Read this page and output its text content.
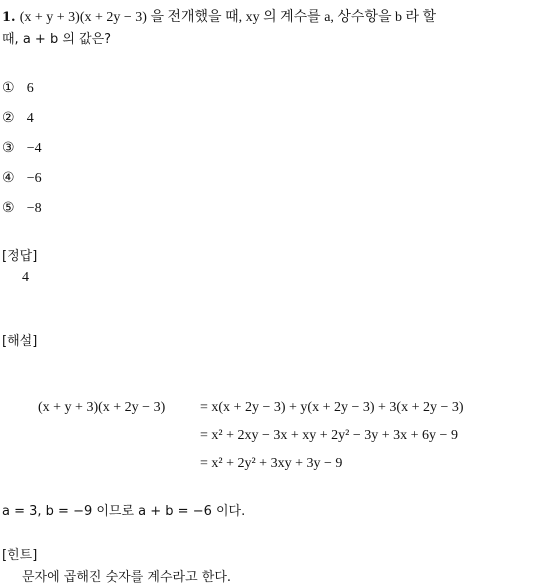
1. (x + y + 3)(x + 2y − 3) 을 전개했을 때, xy 의 계수를 a, 상수항을 b 라 할
때, a + b 의 값은?
① 6
② 4
③ −4
④ −6
⑤ −8
[정답]
4
[해설]
(x + y + 3)(x + 2y − 3) = x(x + 2y − 3) + y(x + 2y − 3) + 3(x + 2y − 3)
= x² + 2xy − 3x + xy + 2y² − 3y + 3x + 6y − 9
= x² + 2y² + 3xy + 3y − 9
a = 3, b = −9 이므로 a + b = −6 이다.
[힌트]
문자에 곱해진 숫자를 계수라고 한다.
